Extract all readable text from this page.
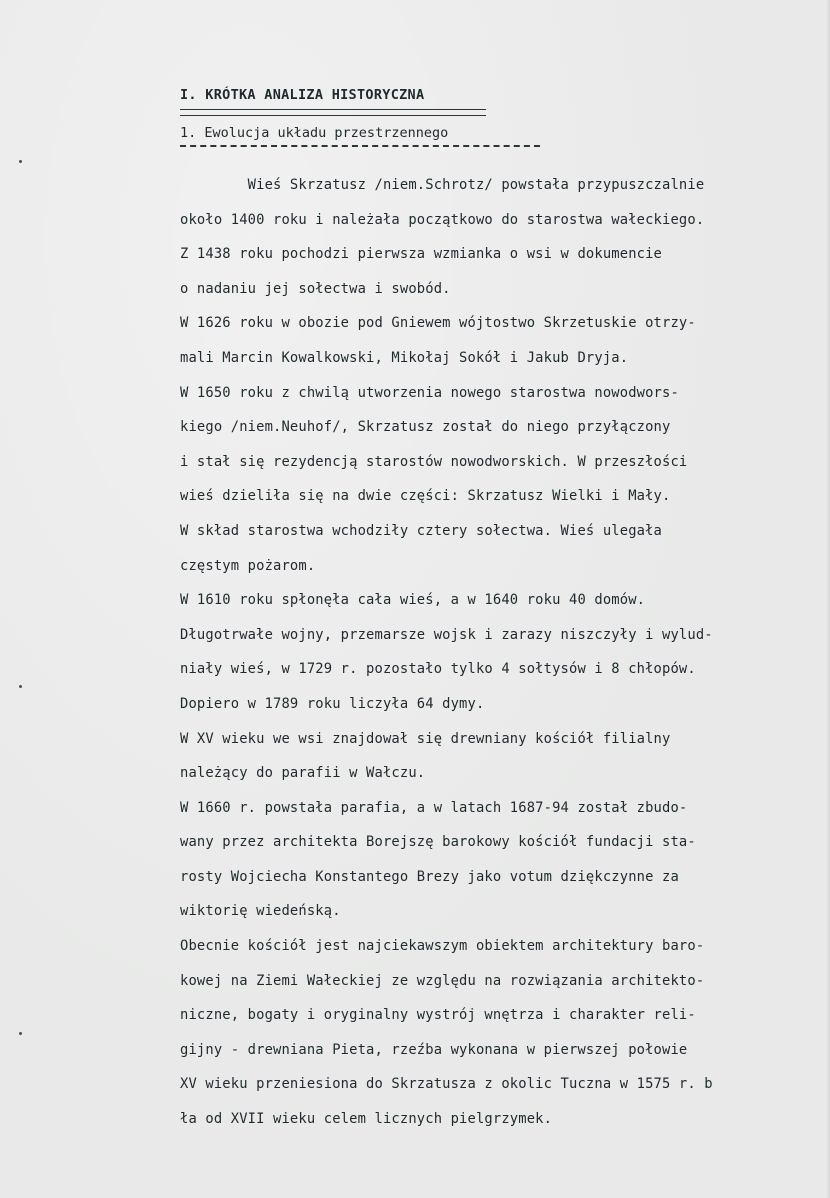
I. KRÓTKA ANALIZA HISTORYCZNA
1. Ewolucja układu przestrzennego
Wieś Skrzatusz /niem.Schrotz/ powstała przypuszczalnie
około 1400 roku i należała początkowo do starostwa wałeckiego.
Z 1438 roku pochodzi pierwsza wzmianka o wsi w dokumencie
o nadaniu jej sołectwa i swobód.
W 1626 roku w obozie pod Gniewem wójtostwo Skrzetuskie otrzy-
mali Marcin Kowalkowski, Mikołaj Sokół i Jakub Dryja.
W 1650 roku z chwilą utworzenia nowego starostwa nowodwors-
kiego /niem.Neuhof/, Skrzatusz został do niego przyłączony
i stał się rezydencją starostów nowodworskich. W przeszłości
wieś dzieliła się na dwie części: Skrzatusz Wielki i Mały.
W skład starostwa wchodziły cztery sołectwa. Wieś ulegała
częstym pożarom.
W 1610 roku spłonęła cała wieś, a w 1640 roku 40 domów.
Długotrwałe wojny, przemarsze wojsk i zarazy niszczyły i wylud-
niały wieś, w 1729 r. pozostało tylko 4 sołtysów i 8 chłopów.
Dopiero w 1789 roku liczyła 64 dymy.
W XV wieku we wsi znajdował się drewniany kościół filialny
należący do parafii w Wałczu.
W 1660 r. powstała parafia, a w latach 1687-94 został zbudo-
wany przez architekta Borejszę barokowy kościół fundacji sta-
rosty Wojciecha Konstantego Brezy jako votum dziękczynne za
wiktorię wiedeńską.
Obecnie kościół jest najciekawszym obiektem architektury baro-
kowej na Ziemi Wałeckiej ze względu na rozwiązania architekto-
niczne, bogaty i oryginalny wystrój wnętrza i charakter reli-
gijny - drewniana Pieta, rzeźba wykonana w pierwszej połowie
XV wieku przeniesiona do Skrzatusza z okolic Tuczna w 1575 r. b
ła od XVII wieku celem licznych pielgrzymek.
